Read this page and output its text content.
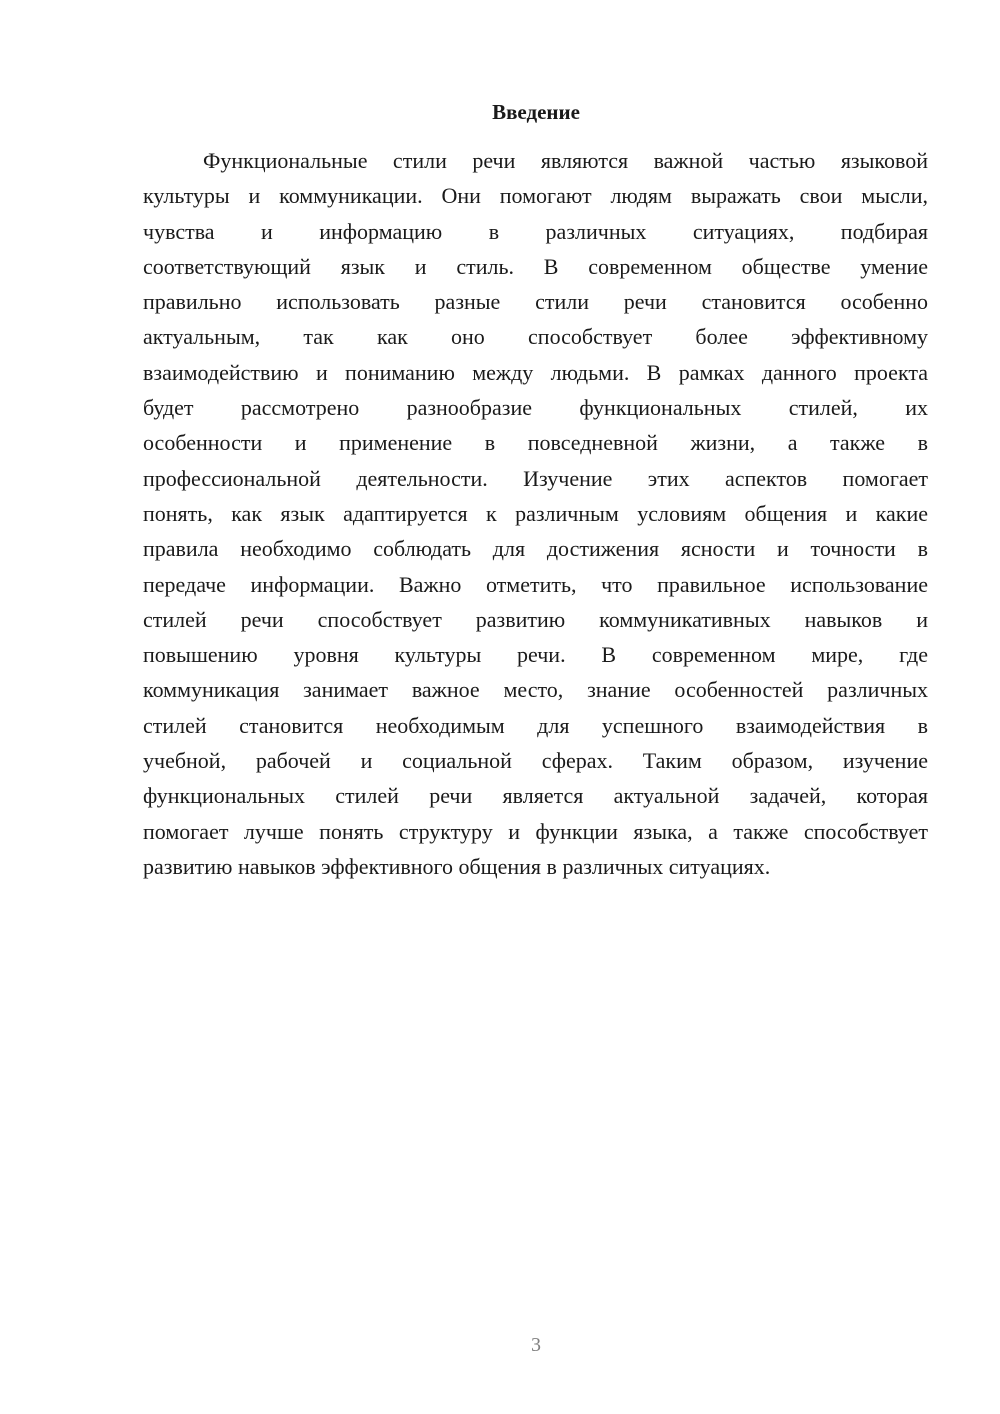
Введение
Функциональные стили речи являются важной частью языковой
культуры и коммуникации. Они помогают людям выражать свои мысли,
чувства и информацию в различных ситуациях, подбирая
соответствующий язык и стиль. В современном обществе умение
правильно использовать разные стили речи становится особенно
актуальным, так как оно способствует более эффективному
взаимодействию и пониманию между людьми. В рамках данного проекта
будет рассмотрено разнообразие функциональных стилей, их
особенности и применение в повседневной жизни, а также в
профессиональной деятельности. Изучение этих аспектов помогает
понять, как язык адаптируется к различным условиям общения и какие
правила необходимо соблюдать для достижения ясности и точности в
передаче информации. Важно отметить, что правильное использование
стилей речи способствует развитию коммуникативных навыков и
повышению уровня культуры речи. В современном мире, где
коммуникация занимает важное место, знание особенностей различных
стилей становится необходимым для успешного взаимодействия в
учебной, рабочей и социальной сферах. Таким образом, изучение
функциональных стилей речи является актуальной задачей, которая
помогает лучше понять структуру и функции языка, а также способствует
развитию навыков эффективного общения в различных ситуациях.
3
